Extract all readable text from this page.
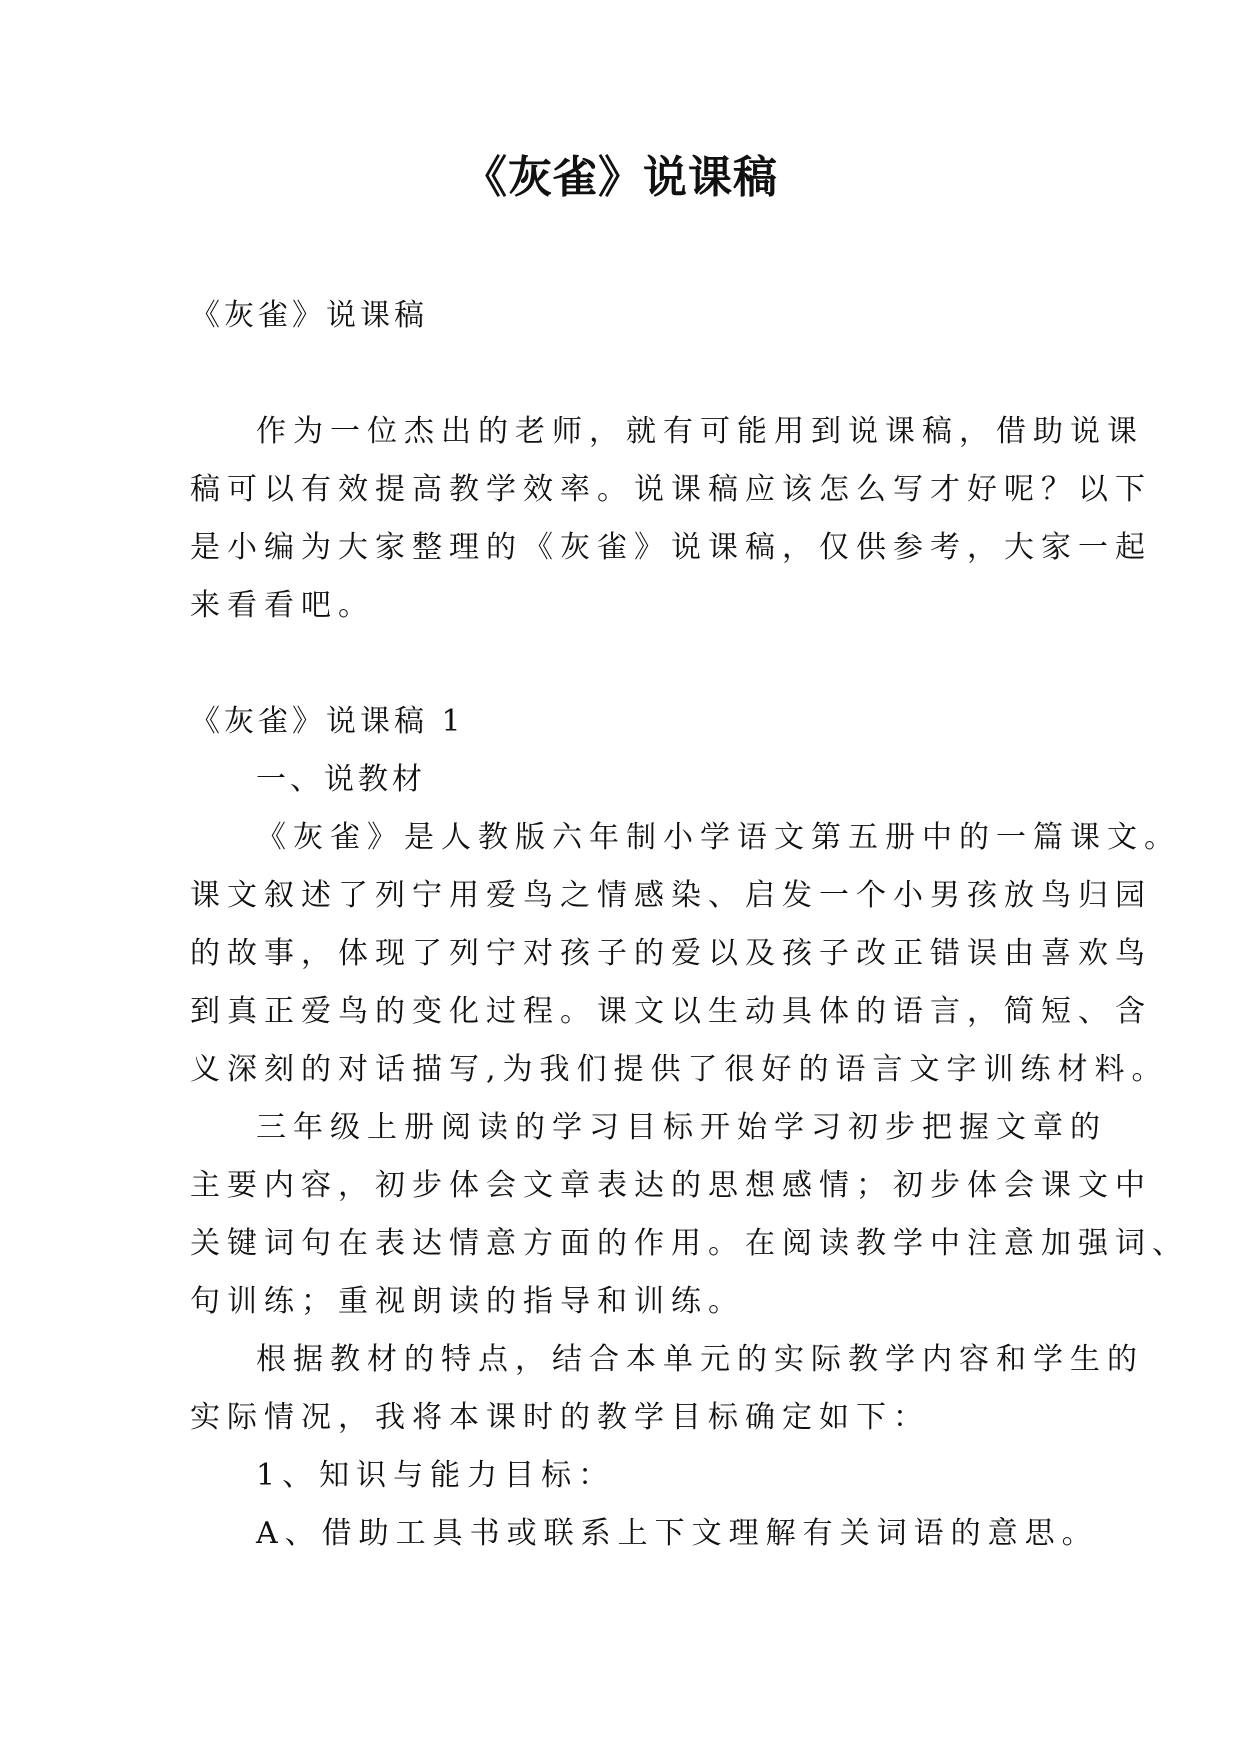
《灰雀》说课稿

《灰雀》说课稿

作为一位杰出的老师，就有可能用到说课稿，借助说课

稿可以有效提高教学效率。说课稿应该怎么写才好呢？以下

是小编为大家整理的《灰雀》说课稿，仅供参考，大家一起

来看看吧。

《灰雀》说课稿 1

一、说教材

《灰雀》是人教版六年制小学语文第五册中的一篇课文。

课文叙述了列宁用爱鸟之情感染、启发一个小男孩放鸟归园

的故事，体现了列宁对孩子的爱以及孩子改正错误由喜欢鸟

到真正爱鸟的变化过程。课文以生动具体的语言，简短、含

义深刻的对话描写,为我们提供了很好的语言文字训练材料。

三年级上册阅读的学习目标开始学习初步把握文章的

主要内容，初步体会文章表达的思想感情；初步体会课文中

关键词句在表达情意方面的作用。在阅读教学中注意加强词、

句训练；重视朗读的指导和训练。

根据教材的特点，结合本单元的实际教学内容和学生的

实际情况，我将本课时的教学目标确定如下：

1、知识与能力目标：

A、借助工具书或联系上下文理解有关词语的意思。
